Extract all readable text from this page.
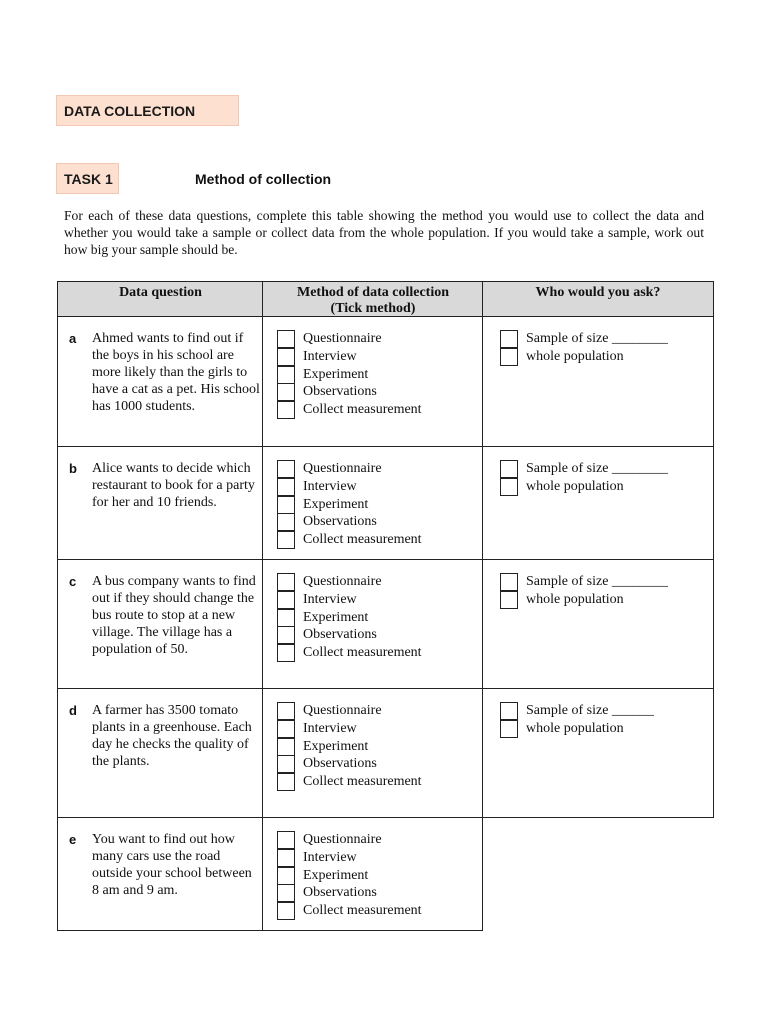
DATA COLLECTION
TASK 1	Method of collection

For each of these data questions, complete this table showing the method you would use to collect the data and whether you would take a sample or collect data from the whole population. If you would take a sample, work out how big your sample should be.

Data question	Method of data collection
(Tick method)
Who would you ask?
a Ahmed wants to find out if the boys in his school are more likely than the girls to have a cat as a pet. His school has 1000 students.
Questionnaire
Interview
Experiment
Observations
Collect measurement
Sample of size ________
whole population
b Alice wants to decide which restaurant to book for a party for her and 10 friends.
Questionnaire
Interview
Experiment
Observations
Collect measurement
Sample of size ________
whole population
c A bus company wants to find out if they should change the bus route to stop at a new village. The village has a population of 50.
Questionnaire
Interview
Experiment
Observations
Collect measurement
Sample of size ________
whole population
d A farmer has 3500 tomato plants in a greenhouse. Each day he checks the quality of the plants.
Questionnaire
Interview
Experiment
Observations
Collect measurement
Sample of size ______
whole population
e You want to find out how many cars use the road outside your school between 8 am and 9 am.
Questionnaire
Interview
Experiment
Observations
Collect measurement
